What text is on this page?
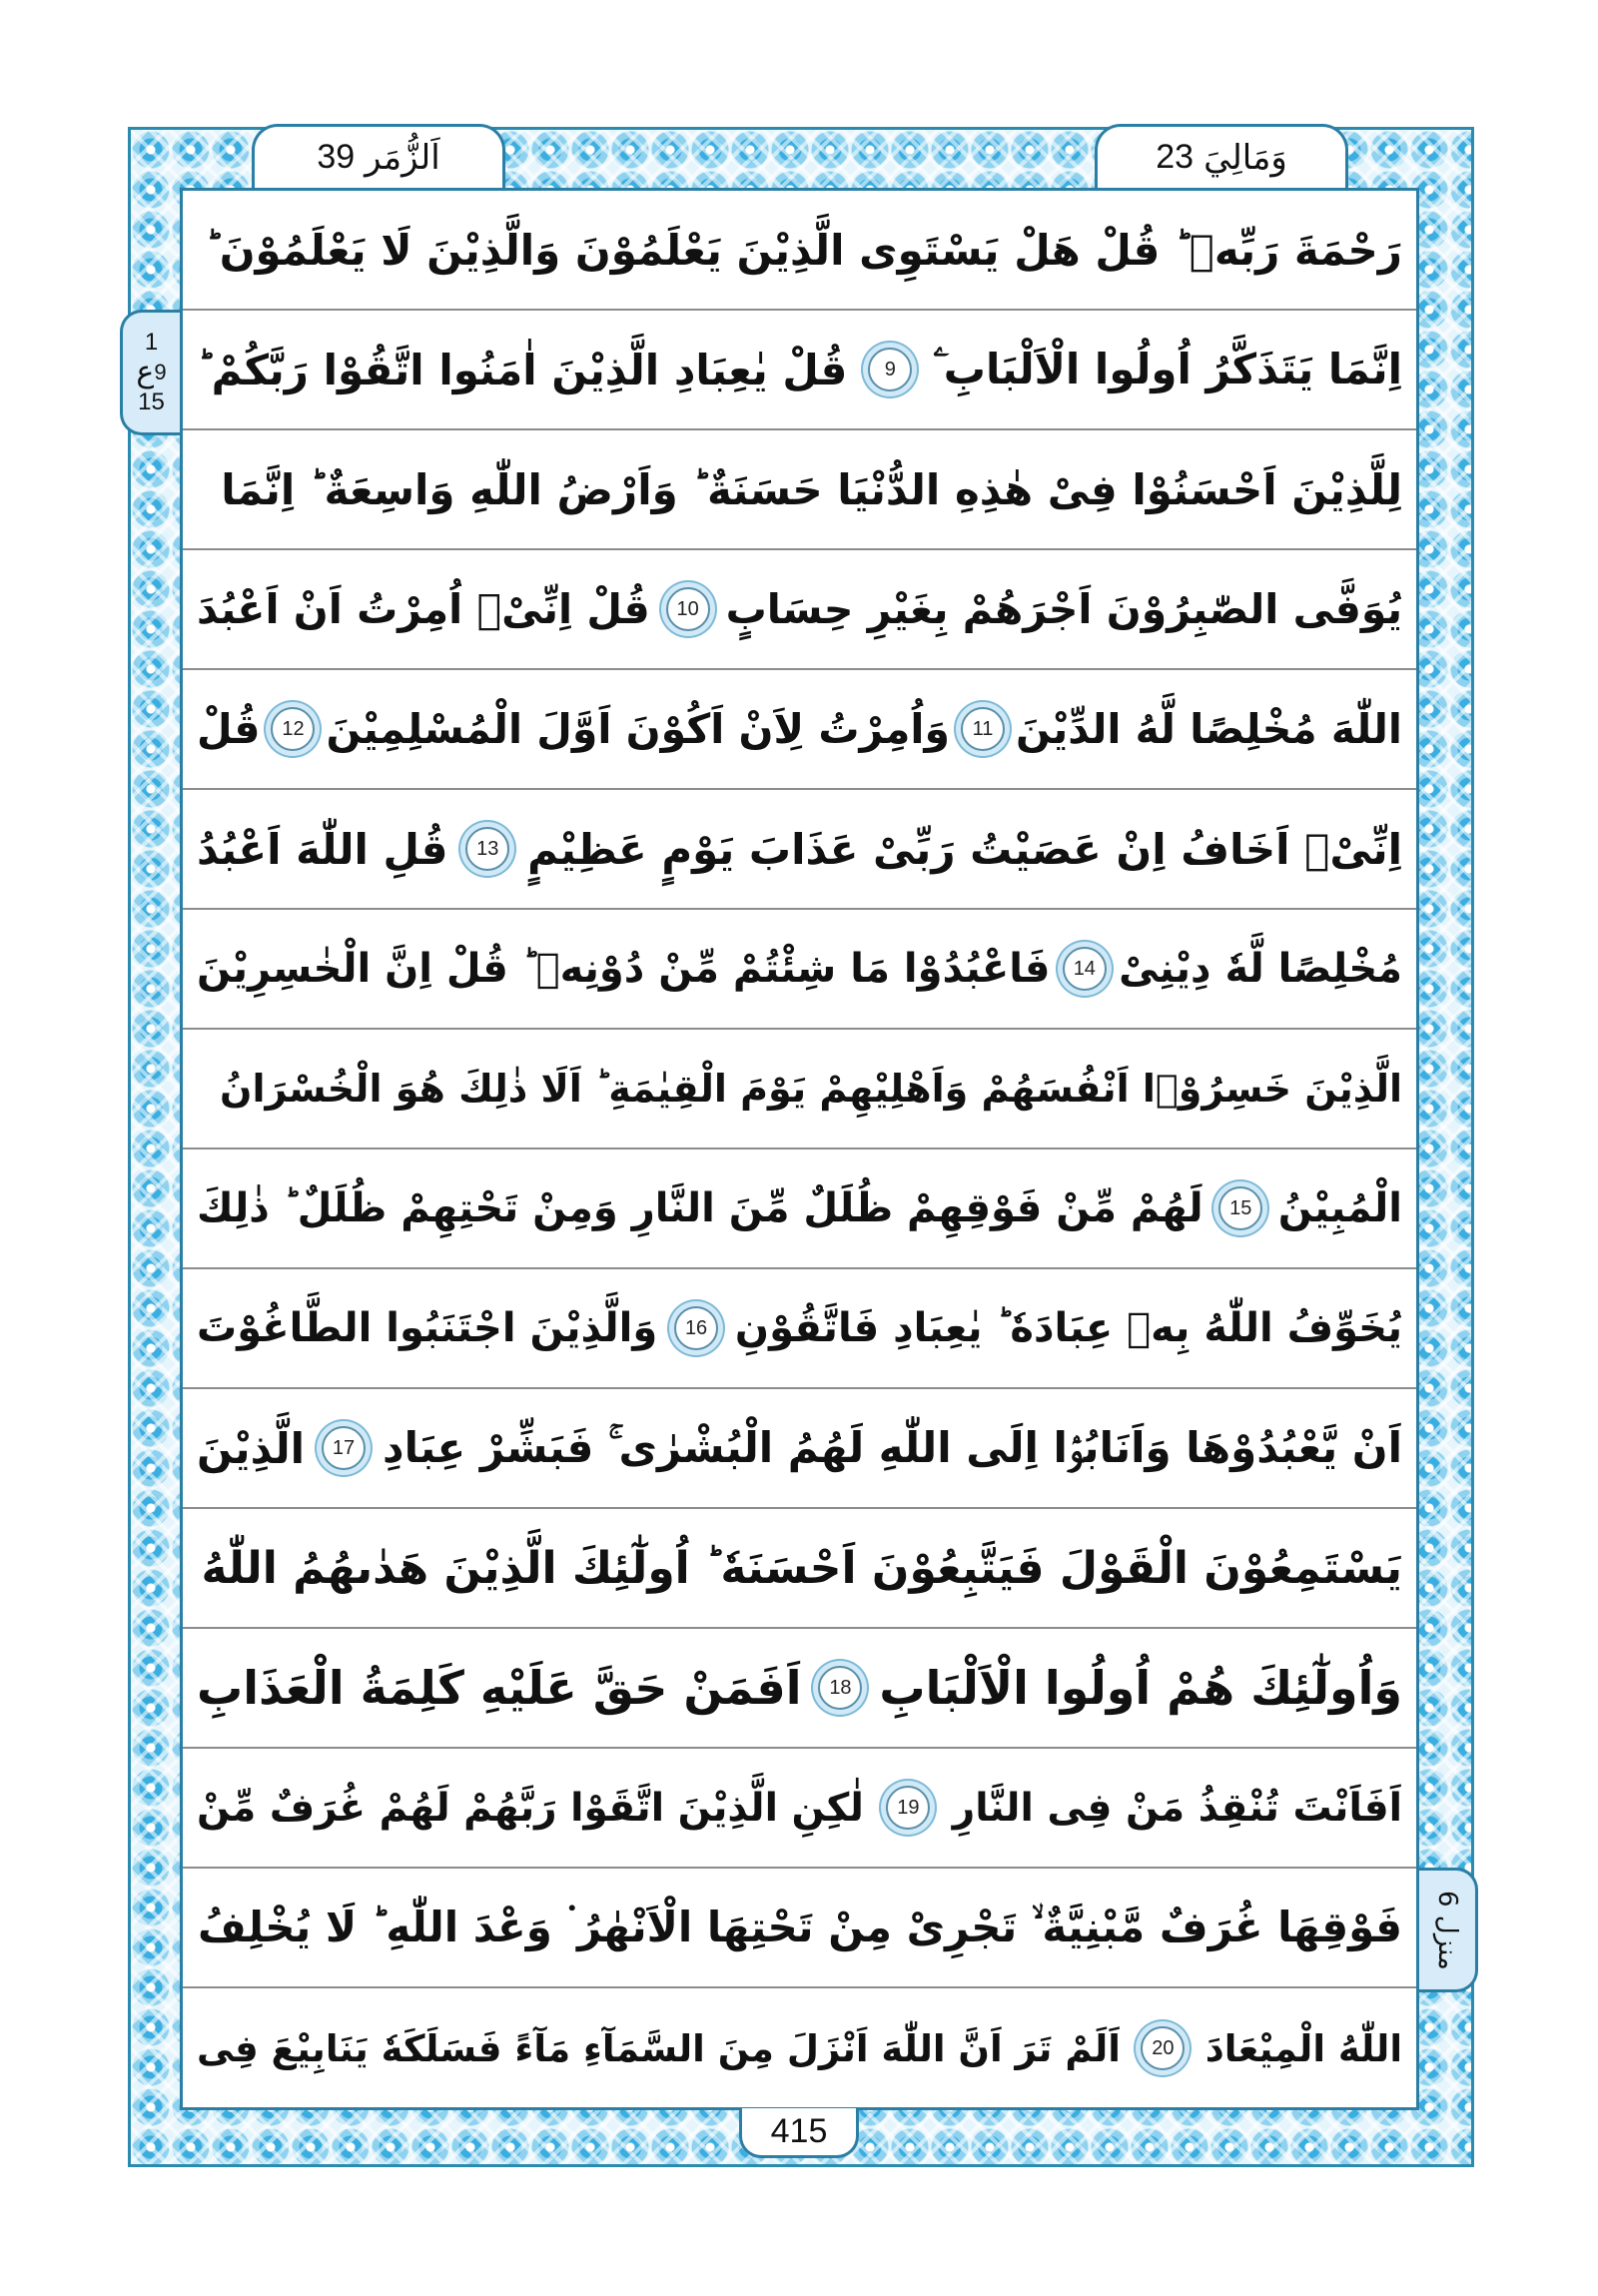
وَمَالِيَ
23
اَلزُّمَر
39
1
ع 9
15
منزل 6
رَحْمَةَ رَبِّهٖ ؕ قُلْ هَلْ يَسْتَوِى الَّذِيْنَ يَعْلَمُوْنَ وَالَّذِيْنَ لَا يَعْلَمُوْنَ ؕ
اِنَّمَا يَتَذَكَّرُ اُولُوا الْاَلْبَابِ ۧ
9
قُلْ يٰعِبَادِ الَّذِيْنَ اٰمَنُوا اتَّقُوْا رَبَّكُمْ ؕ
لِلَّذِيْنَ اَحْسَنُوْا فِىْ هٰذِهِ الدُّنْيَا حَسَنَةٌ ؕ وَاَرْضُ اللّٰهِ وَاسِعَةٌ ؕ اِنَّمَا
يُوَفَّى الصّٰبِرُوْنَ اَجْرَهُمْ بِغَيْرِ حِسَابٍ
10
قُلْ اِنِّىْۤ اُمِرْتُ اَنْ اَعْبُدَ
اللّٰهَ مُخْلِصًا لَّهُ الدِّيْنَ
11
وَاُمِرْتُ لِاَنْ اَكُوْنَ اَوَّلَ الْمُسْلِمِيْنَ
12
قُلْ
اِنِّىْۤ اَخَافُ اِنْ عَصَيْتُ رَبِّىْ عَذَابَ يَوْمٍ عَظِيْمٍ
13
قُلِ اللّٰهَ اَعْبُدُ
مُخْلِصًا لَّهٗ دِيْنِىْ
14
فَاعْبُدُوْا مَا شِئْتُمْ مِّنْ دُوْنِهٖ ؕ قُلْ اِنَّ الْخٰسِرِيْنَ
الَّذِيْنَ خَسِرُوْۤا اَنْفُسَهُمْ وَاَهْلِيْهِمْ يَوْمَ الْقِيٰمَةِ ؕ اَلَا ذٰلِكَ هُوَ الْخُسْرَانُ
الْمُبِيْنُ
15
لَهُمْ مِّنْ فَوْقِهِمْ ظُلَلٌ مِّنَ النَّارِ وَمِنْ تَحْتِهِمْ ظُلَلٌ ؕ ذٰلِكَ
يُخَوِّفُ اللّٰهُ بِهٖ عِبَادَهٗ ؕ يٰعِبَادِ فَاتَّقُوْنِ
16
وَالَّذِيْنَ اجْتَنَبُوا الطَّاغُوْتَ
اَنْ يَّعْبُدُوْهَا وَاَنَابُوْۤا اِلَى اللّٰهِ لَهُمُ الْبُشْرٰى ۚ فَبَشِّرْ عِبَادِ
17
الَّذِيْنَ
يَسْتَمِعُوْنَ الْقَوْلَ فَيَتَّبِعُوْنَ اَحْسَنَهٗ ؕ اُولٰٓئِكَ الَّذِيْنَ هَدٰىهُمُ اللّٰهُ
وَاُولٰٓئِكَ هُمْ اُولُوا الْاَلْبَابِ
18
اَفَمَنْ حَقَّ عَلَيْهِ كَلِمَةُ الْعَذَابِ
اَفَاَنْتَ تُنْقِذُ مَنْ فِى النَّارِ
19
لٰكِنِ الَّذِيْنَ اتَّقَوْا رَبَّهُمْ لَهُمْ غُرَفٌ مِّنْ
فَوْقِهَا غُرَفٌ مَّبْنِيَّةٌ ۙ تَجْرِىْ مِنْ تَحْتِهَا الْاَنْهٰرُ ۬ وَعْدَ اللّٰهِ ؕ لَا يُخْلِفُ
اللّٰهُ الْمِيْعَادَ
20
اَلَمْ تَرَ اَنَّ اللّٰهَ اَنْزَلَ مِنَ السَّمَآءِ مَآءً فَسَلَكَهٗ يَنَابِيْعَ فِى
415
